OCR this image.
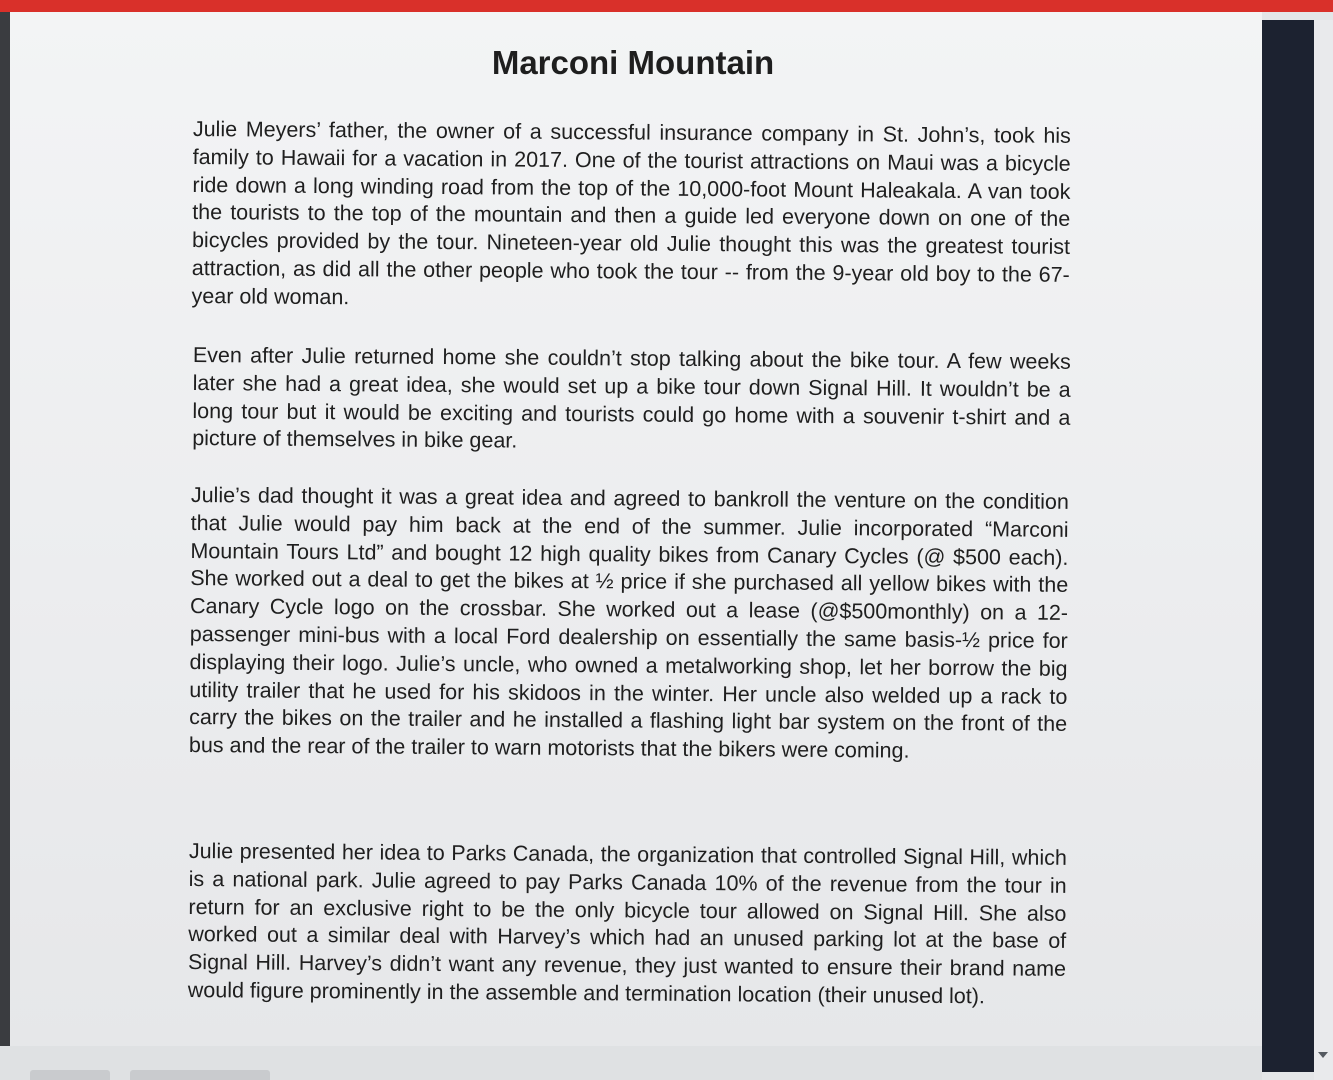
Marconi Mountain

Julie Meyers’ father, the owner of a successful insurance company in St. John’s, took his family to Hawaii for a vacation in 2017. One of the tourist attractions on Maui was a bicycle ride down a long winding road from the top of the 10,000-foot Mount Haleakala. A van took the tourists to the top of the mountain and then a guide led everyone down on one of the bicycles provided by the tour. Nineteen-year old Julie thought this was the greatest tourist attraction, as did all the other people who took the tour -- from the 9-year old boy to the 67-year old woman.

Even after Julie returned home she couldn’t stop talking about the bike tour. A few weeks later she had a great idea, she would set up a bike tour down Signal Hill. It wouldn’t be a long tour but it would be exciting and tourists could go home with a souvenir t-shirt and a picture of themselves in bike gear.

Julie’s dad thought it was a great idea and agreed to bankroll the venture on the condition that Julie would pay him back at the end of the summer. Julie incorporated “Marconi Mountain Tours Ltd” and bought 12 high quality bikes from Canary Cycles (@ $500 each). She worked out a deal to get the bikes at ½ price if she purchased all yellow bikes with the Canary Cycle logo on the crossbar. She worked out a lease (@$500monthly) on a 12-passenger mini-bus with a local Ford dealership on essentially the same basis-½ price for displaying their logo. Julie’s uncle, who owned a metalworking shop, let her borrow the big utility trailer that he used for his skidoos in the winter. Her uncle also welded up a rack to carry the bikes on the trailer and he installed a flashing light bar system on the front of the bus and the rear of the trailer to warn motorists that the bikers were coming.

Julie presented her idea to Parks Canada, the organization that controlled Signal Hill, which is a national park. Julie agreed to pay Parks Canada 10% of the revenue from the tour in return for an exclusive right to be the only bicycle tour allowed on Signal Hill. She also worked out a similar deal with Harvey’s which had an unused parking lot at the base of Signal Hill. Harvey’s didn’t want any revenue, they just wanted to ensure their brand name would figure prominently in the assemble and termination location (their unused lot).
